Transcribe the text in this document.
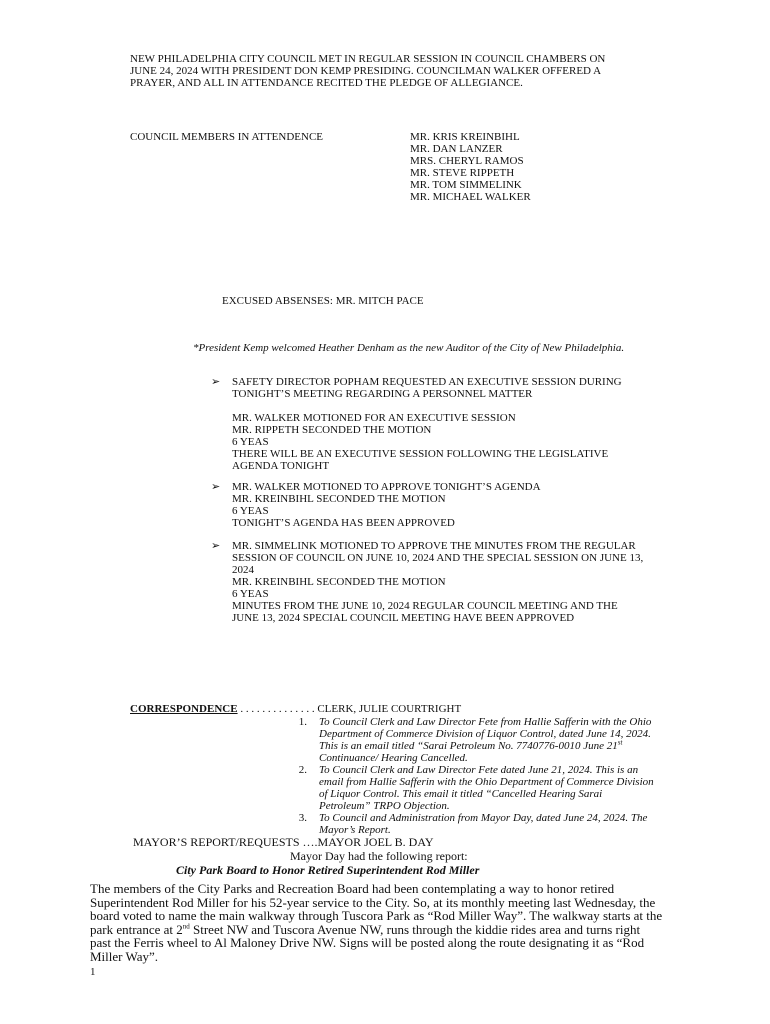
NEW PHILADELPHIA CITY COUNCIL MET IN REGULAR SESSION IN COUNCIL CHAMBERS ON
JUNE 24, 2024 WITH PRESIDENT DON KEMP PRESIDING. COUNCILMAN WALKER OFFERED A
PRAYER, AND ALL IN ATTENDANCE RECITED THE PLEDGE OF ALLEGIANCE.
COUNCIL MEMBERS IN ATTENDENCE	MR. KRIS KREINBIHL
MR. DAN LANZER
MRS. CHERYL RAMOS
MR. STEVE RIPPETH
MR. TOM SIMMELINK
MR. MICHAEL WALKER
EXCUSED ABSENSES: MR. MITCH PACE
*President Kemp welcomed Heather Denham as the new Auditor of the City of New Philadelphia.
➢ SAFETY DIRECTOR POPHAM REQUESTED AN EXECUTIVE SESSION DURING
TONIGHT’S MEETING REGARDING A PERSONNEL MATTER
MR. WALKER MOTIONED FOR AN EXECUTIVE SESSION
MR. RIPPETH SECONDED THE MOTION
6 YEAS
THERE WILL BE AN EXECUTIVE SESSION FOLLOWING THE LEGISLATIVE
AGENDA TONIGHT
➢ MR. WALKER MOTIONED TO APPROVE TONIGHT’S AGENDA
MR. KREINBIHL SECONDED THE MOTION
6 YEAS
TONIGHT’S AGENDA HAS BEEN APPROVED
➢ MR. SIMMELINK MOTIONED TO APPROVE THE MINUTES FROM THE REGULAR
SESSION OF COUNCIL ON JUNE 10, 2024 AND THE SPECIAL SESSION ON JUNE 13,
2024
MR. KREINBIHL SECONDED THE MOTION
6 YEAS
MINUTES FROM THE JUNE 10, 2024 REGULAR COUNCIL MEETING AND THE
JUNE 13, 2024 SPECIAL COUNCIL MEETING HAVE BEEN APPROVED
CORRESPONDENCE . . . . . . . . . . . . . . CLERK, JULIE COURTRIGHT
1. To Council Clerk and Law Director Fete from Hallie Safferin with the Ohio
Department of Commerce Division of Liquor Control, dated June 14, 2024.
This is an email titled “Sarai Petroleum No. 7740776-0010 June 21st
Continuance/ Hearing Cancelled.
2. To Council Clerk and Law Director Fete dated June 21, 2024. This is an
email from Hallie Safferin with the Ohio Department of Commerce Division
of Liquor Control. This email it titled “Cancelled Hearing Sarai
Petroleum” TRPO Objection.
3. To Council and Administration from Mayor Day, dated June 24, 2024. The
Mayor’s Report.
MAYOR’S REPORT/REQUESTS ….MAYOR JOEL B. DAY
Mayor Day had the following report:
City Park Board to Honor Retired Superintendent Rod Miller
The members of the City Parks and Recreation Board had been contemplating a way to honor retired
Superintendent Rod Miller for his 52-year service to the City. So, at its monthly meeting last Wednesday, the
board voted to name the main walkway through Tuscora Park as “Rod Miller Way”. The walkway starts at the
park entrance at 2nd Street NW and Tuscora Avenue NW, runs through the kiddie rides area and turns right
past the Ferris wheel to Al Maloney Drive NW. Signs will be posted along the route designating it as “Rod
Miller Way”.
1
